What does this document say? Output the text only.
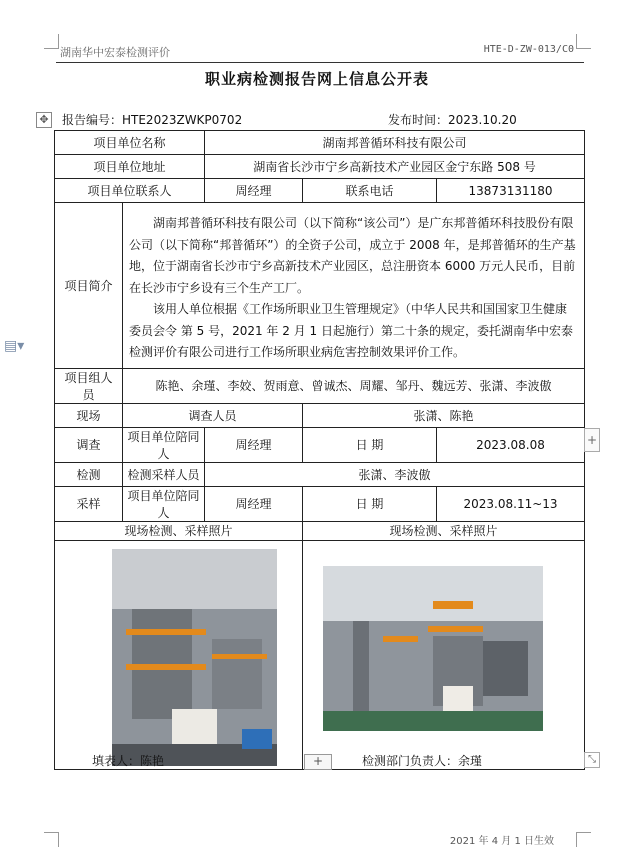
湖南华中宏泰检测评价	HTE-D-ZW-013/C0
职业病检测报告网上信息公开表
✥ 报告编号：HTE2023ZWKP0702	发布时间：2023.10.20
项目单位名称		湖南邦普循环科技有限公司		
项目单位地址		湖南省长沙市宁乡高新技术产业园区金宁东路 508 号		
项目单位联系人		周经理	联系电话	13873131180
项目简介	湖南邦普循环科技有限公司（以下简称“该公司”）是广东邦普循环科技股份有限公司（以下简称“邦普循环”）的全资子公司，成立于 2008 年，是邦普循环的生产基地，位于湖南省长沙市宁乡高新技术产业园区，总注册资本 6000 万元人民币，目前在长沙市宁乡设有三个生产工厂。

该用人单位根据《工作场所职业卫生管理规定》（中华人民共和国国家卫生健康委员会令 第 5 号，2021 年 2 月 1 日起施行）第二十条的规定，委托湖南华中宏泰检测评价有限公司进行工作场所职业病危害控制效果评价工作。			

项目组人员	陈艳、余瑾、李姣、贺雨意、曾诚杰、周耀、邹丹、魏远芳、张潇、李波傲			
现场	调查人员		张潇、陈艳	
调查	项目单位陪同人	周经理	日 期	2023.08.08
检测	检测采样人员	张潇、李波傲		
采样	项目单位陪同人	周经理	日 期	2023.08.11~13
现场检测、采样照片			现场检测、采样照片	

填表人：陈艳	+	检测部门负责人：余瑾
+
▤▾
⤡
2021 年 4 月 1 日生效
